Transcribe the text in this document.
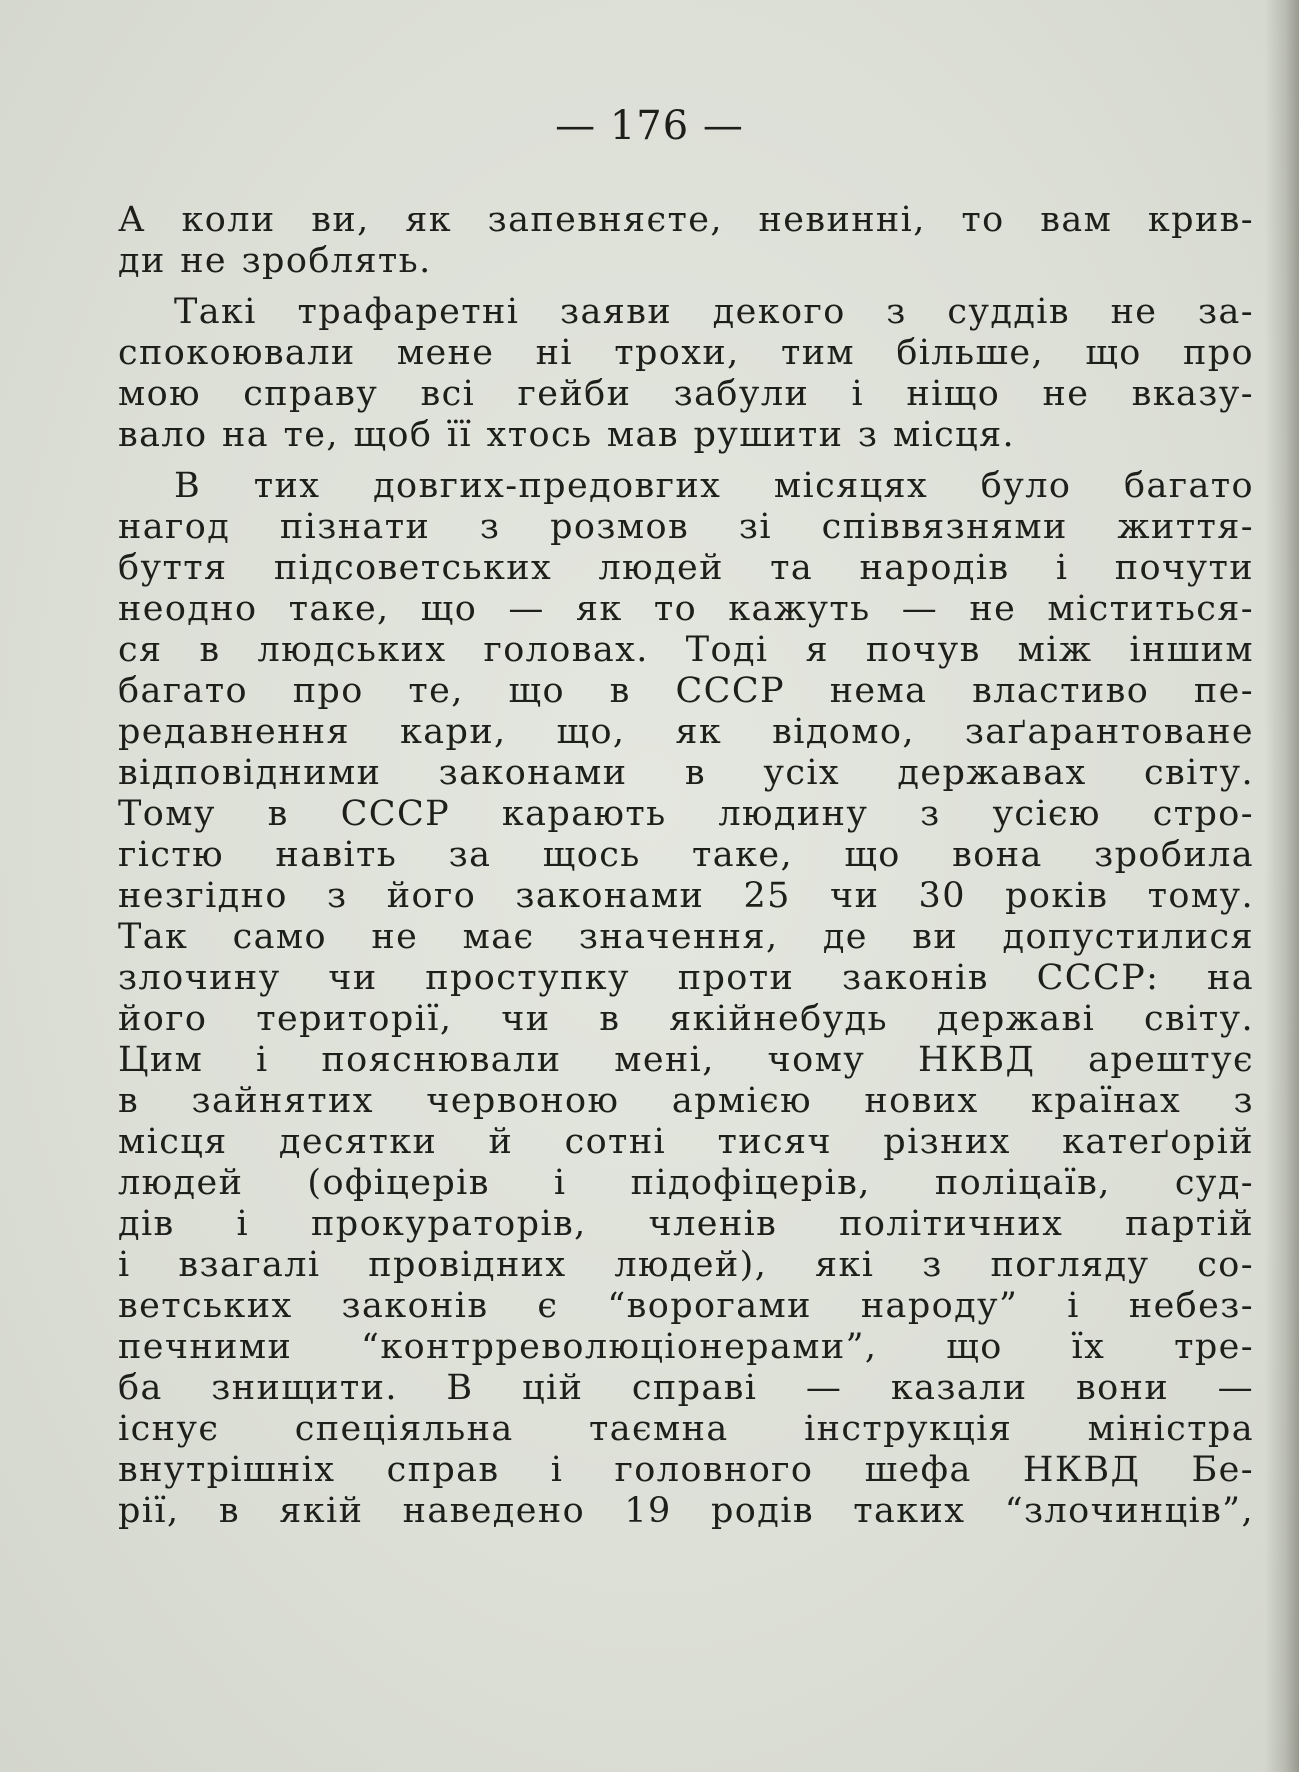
— 176 —

А коли ви, як запевняєте, невинні, то вам крив-
ди не зроблять.
Такі трафаретні заяви декого з суддів не за-
спокоювали мене ні трохи, тим більше, що про
мою справу всі гейби забули і ніщо не вказу-
вало на те, щоб її хтось мав рушити з місця.
В тих довгих-предовгих місяцях було багато
нагод пізнати з розмов зі співвязнями життя-
буття підсоветських людей та народів і почути
неодно таке, що — як то кажуть — не міститься-
ся в людських головах. Тоді я почув між іншим
багато про те, що в СССР нема властиво пе-
редавнення кари, що, як відомо, заґарантоване
відповідними законами в усіх державах світу.
Тому в СССР карають людину з усією стро-
гістю навіть за щось таке, що вона зробила
незгідно з його законами 25 чи 30 років тому.
Так само не має значення, де ви допустилися
злочину чи проступку проти законів СССР: на
його території, чи в якійнебудь державі світу.
Цим і пояснювали мені, чому НКВД арештує
в зайнятих червоною армією нових країнах з
місця десятки й сотні тисяч різних катеґорій
людей (офіцерів і підофіцерів, поліцаїв, суд-
дів і прокураторів, членів політичних партій
і взагалі провідних людей), які з погляду со-
ветських законів є “ворогами народу” і небез-
печними “контрреволюціонерами”, що їх тре-
ба знищити. В цій справі — казали вони —
існує спеціяльна таємна інструкція міністра
внутрішніх справ і головного шефа НКВД Бе-
рії, в якій наведено 19 родів таких “злочинців”,
